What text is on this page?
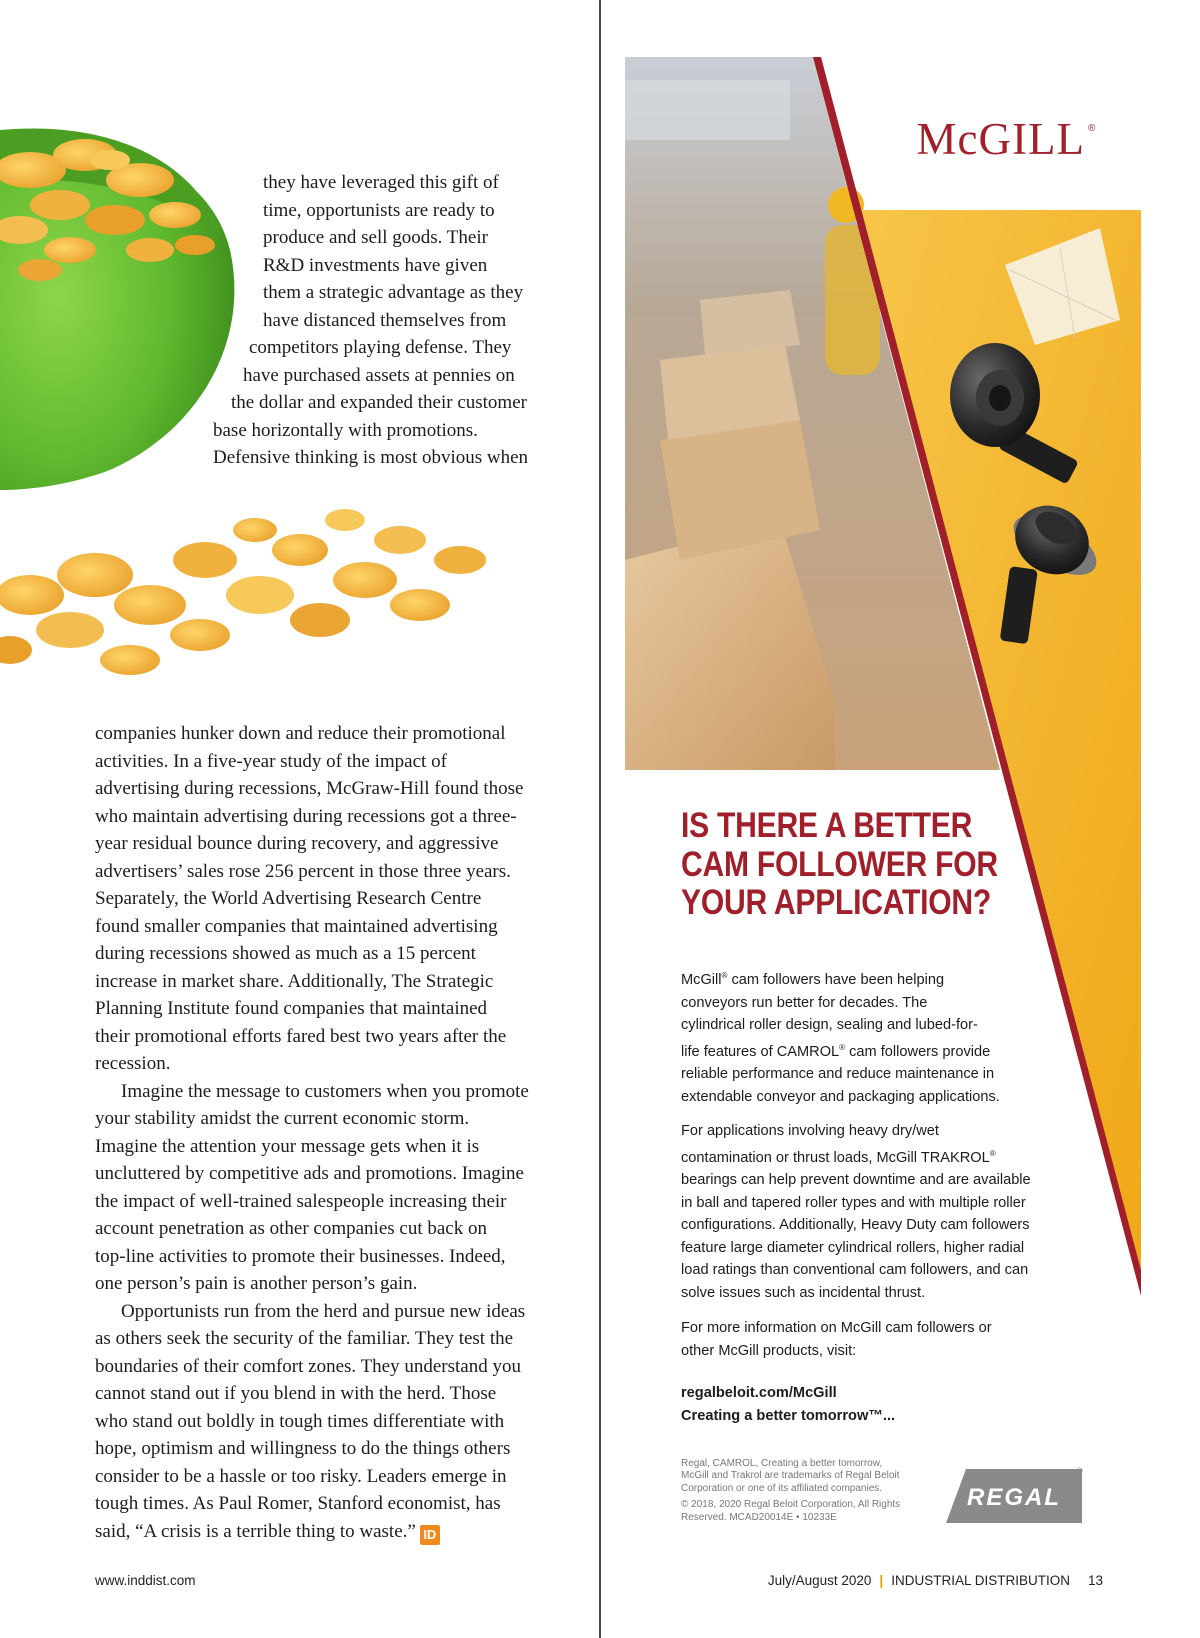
they have leveraged this gift of

time, opportunists are ready to

produce and sell goods. Their

R&D investments have given

them a strategic advantage as they

have distanced themselves from

competitors playing defense. They

have purchased assets at pennies on

the dollar and expanded their customer

base horizontally with promotions.

Defensive thinking is most obvious when

companies hunker down and reduce their promotional

activities. In a five-year study of the impact of

advertising during recessions, McGraw-Hill found those

who maintain advertising during recessions got a three-

year residual bounce during recovery, and aggressive

advertisers’ sales rose 256 percent in those three years.

Separately, the World Advertising Research Centre

found smaller companies that maintained advertising

during recessions showed as much as a 15 percent

increase in market share. Additionally, The Strategic

Planning Institute found companies that maintained

their promotional efforts fared best two years after the

recession.

Imagine the message to customers when you promote

your stability amidst the current economic storm.

Imagine the attention your message gets when it is

uncluttered by competitive ads and promotions. Imagine

the impact of well-trained salespeople increasing their

account penetration as other companies cut back on

top-line activities to promote their businesses. Indeed,

one person’s pain is another person’s gain.

Opportunists run from the herd and pursue new ideas

as others seek the security of the familiar. They test the

boundaries of their comfort zones. They understand you

cannot stand out if you blend in with the herd. Those

who stand out boldly in tough times differentiate with

hope, optimism and willingness to do the things others

consider to be a hassle or too risky. Leaders emerge in

tough times. As Paul Romer, Stanford economist, has

said, “A crisis is a terrible thing to waste.” ID

McGILL ®
REGAL
®
IS THERE A BETTER
CAM FOLLOWER FOR
YOUR APPLICATION?

McGill® cam followers have been helping

conveyors run better for decades. The

cylindrical roller design, sealing and lubed-for-

life features of CAMROL® cam followers provide

reliable performance and reduce maintenance in

extendable conveyor and packaging applications.

For applications involving heavy dry/wet

contamination or thrust loads, McGill TRAKROL®

bearings can help prevent downtime and are available

in ball and tapered roller types and with multiple roller

configurations. Additionally, Heavy Duty cam followers

feature large diameter cylindrical rollers, higher radial

load ratings than conventional cam followers, and can

solve issues such as incidental thrust.

For more information on McGill cam followers or

other McGill products, visit:

regalbeloit.com/McGill

Creating a better tomorrow™...

Regal, CAMROL, Creating a better tomorrow,

McGill and Trakrol are trademarks of Regal Beloit

Corporation or one of its affiliated companies.

© 2018, 2020 Regal Beloit Corporation, All Rights

Reserved. MCAD20014E • 10233E

www.inddist.com	July/August 2020 | INDUSTRIAL DISTRIBUTION 13
